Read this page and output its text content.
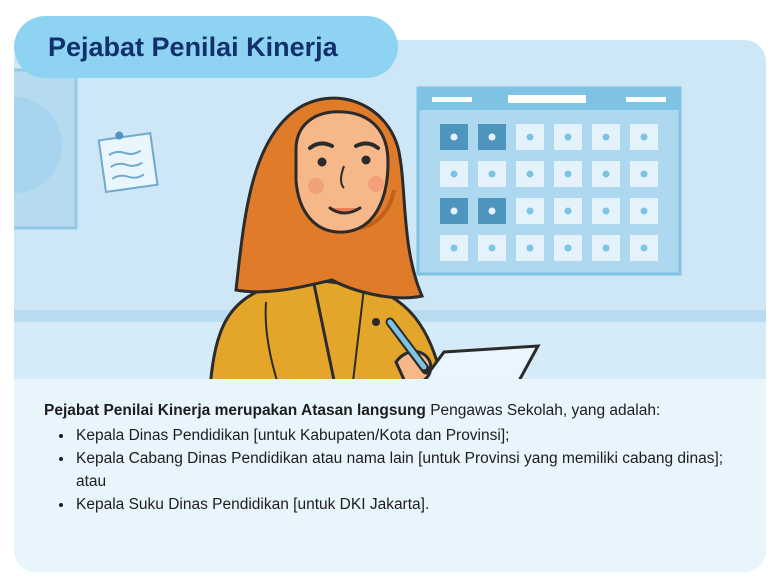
Pejabat Penilai Kinerja

Pejabat Penilai Kinerja merupakan Atasan langsung Pengawas Sekolah, yang adalah:

• Kepala Dinas Pendidikan [untuk Kabupaten/Kota dan Provinsi];
• Kepala Cabang Dinas Pendidikan atau nama lain [untuk Provinsi yang memiliki cabang dinas]; atau
• Kepala Suku Dinas Pendidikan [untuk DKI Jakarta].
